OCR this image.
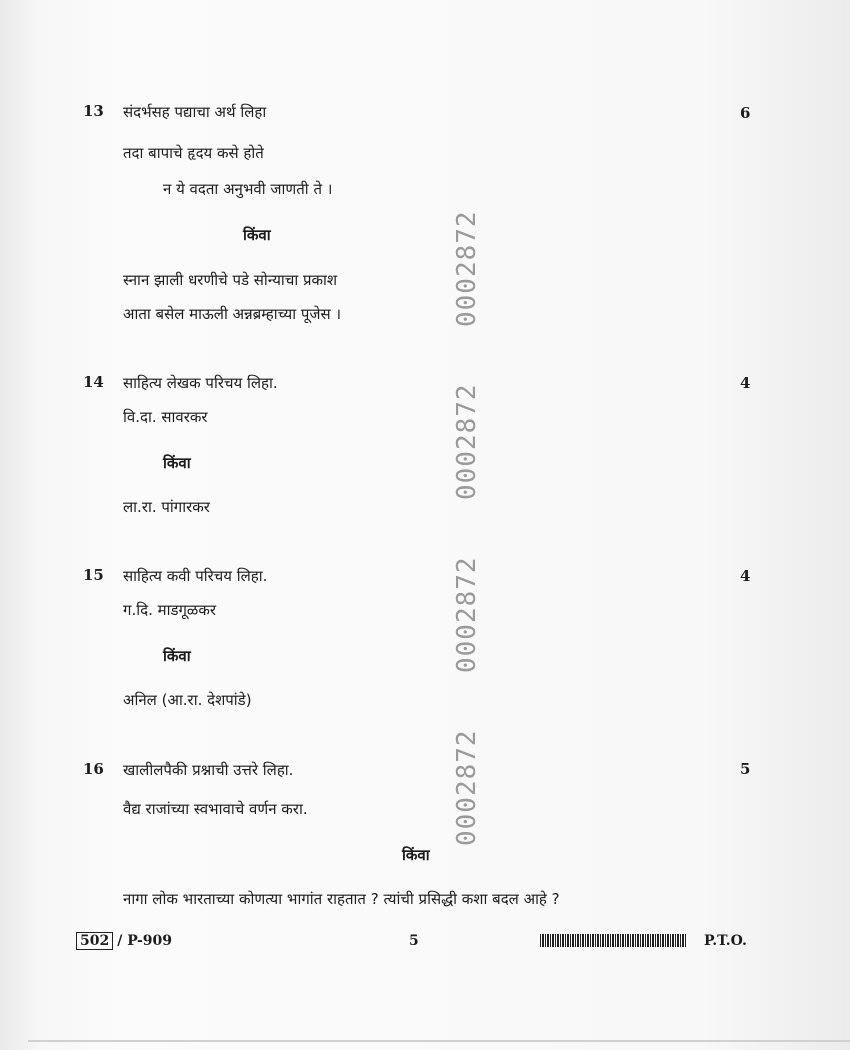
0002872
0002872
0002872
0002872
13 संदर्भसह पद्याचा अर्थ लिहा	6
तदा बापाचे हृदय कसे होते
न ये वदता अनुभवी जाणती ते ।
किंवा
स्नान झाली धरणीचे पडे सोन्याचा प्रकाश
आता बसेल माऊली अन्नब्रम्हाच्या पूजेस ।
14 साहित्य लेखक परिचय लिहा.	4
वि.दा. सावरकर
किंवा
ला.रा. पांगारकर
15 साहित्य कवी परिचय लिहा.	4
ग.दि. माडगूळकर
किंवा
अनिल (आ.रा. देशपांडे)
16 खालीलपैकी प्रश्नाची उत्तरे लिहा.	5
वैद्य राजांच्या स्वभावाचे वर्णन करा.
किंवा
नागा लोक भारताच्या कोणत्या भागांत राहतात ? त्यांची प्रसिद्धी कशा बदल आहे ?
502 / P-909	5	P.T.O.
